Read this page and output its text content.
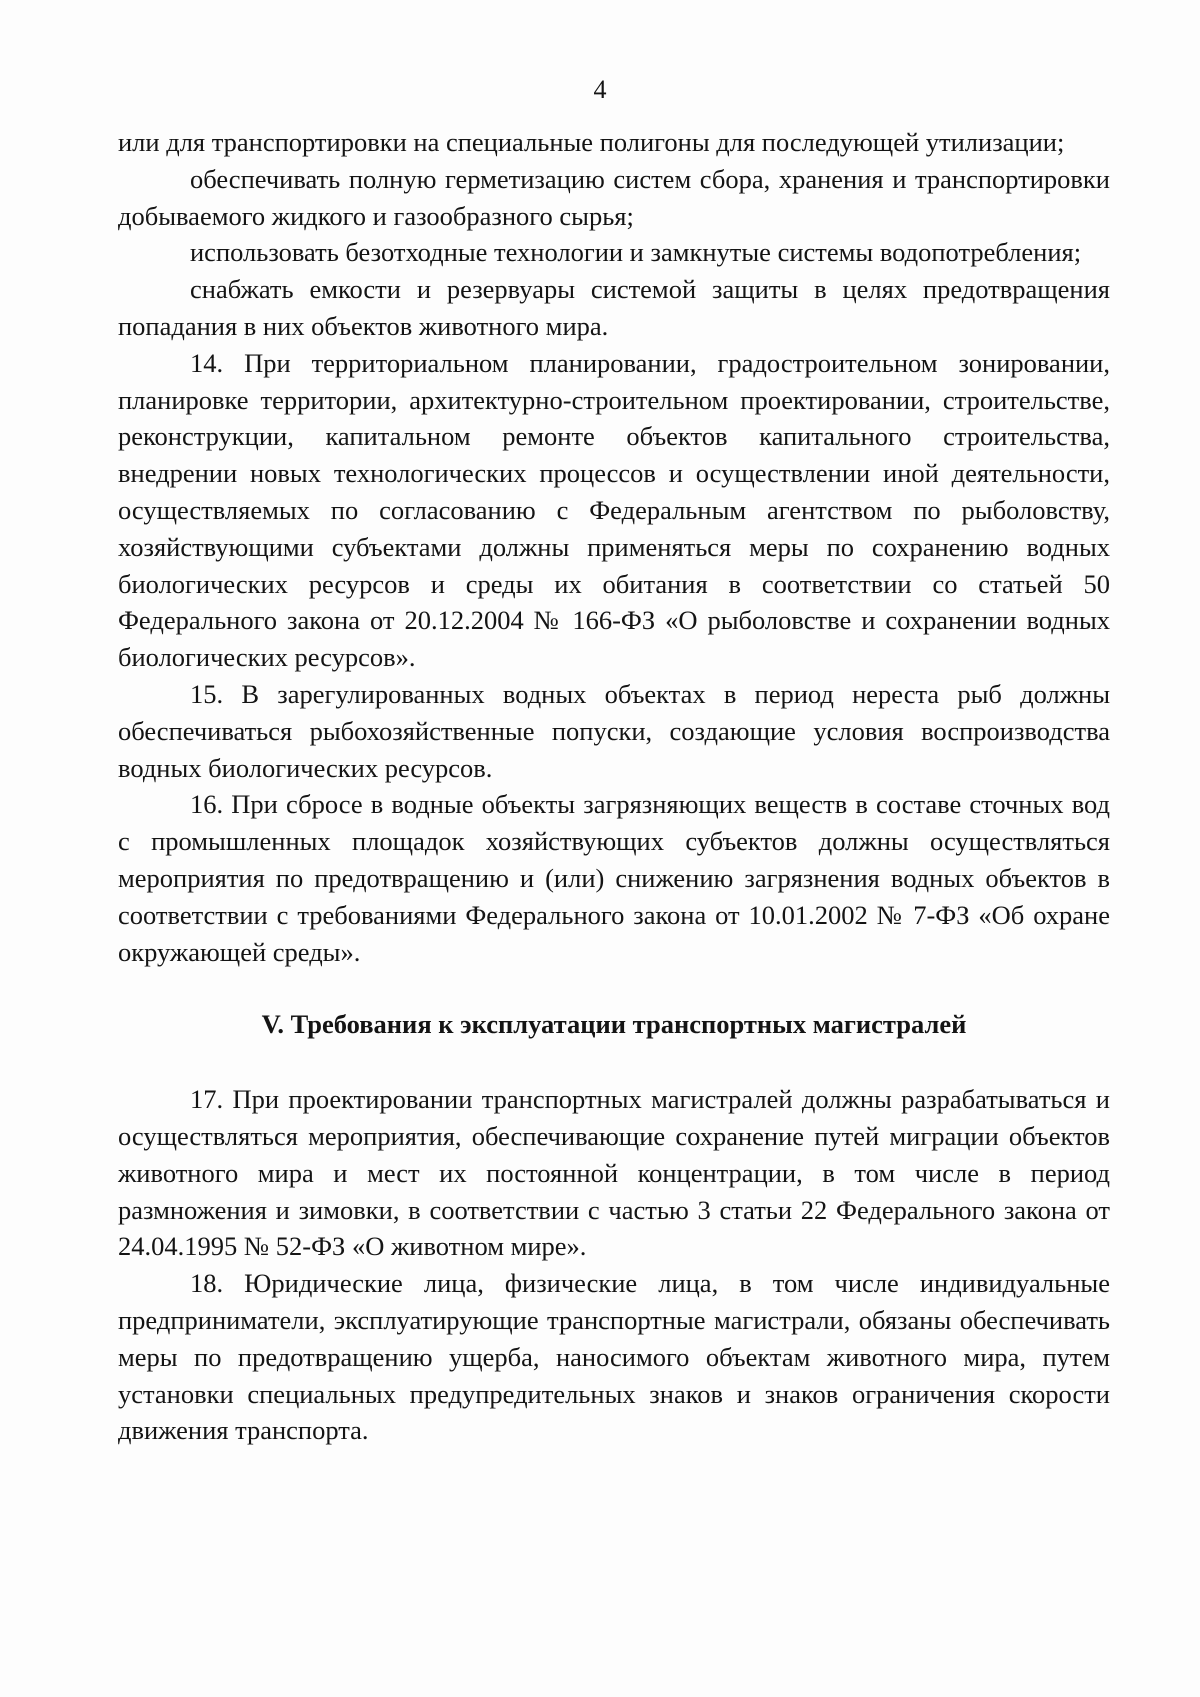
4

или для транспортировки на специальные полигоны для последующей утилизации;

обеспечивать полную герметизацию систем сбора, хранения и транспортировки добываемого жидкого и газообразного сырья;

использовать безотходные технологии и замкнутые системы водопотребления;

снабжать емкости и резервуары системой защиты в целях предотвращения попадания в них объектов животного мира.

14. При территориальном планировании, градостроительном зонировании, планировке территории, архитектурно-строительном проектировании, строительстве, реконструкции, капитальном ремонте объектов капитального строительства, внедрении новых технологических процессов и осуществлении иной деятельности, осуществляемых по согласованию с Федеральным агентством по рыболовству, хозяйствующими субъектами должны применяться меры по сохранению водных биологических ресурсов и среды их обитания в соответствии со статьей 50 Федерального закона от 20.12.2004 № 166-ФЗ «О рыболовстве и сохранении водных биологических ресурсов».

15. В зарегулированных водных объектах в период нереста рыб должны обеспечиваться рыбохозяйственные попуски, создающие условия воспроизводства водных биологических ресурсов.

16. При сбросе в водные объекты загрязняющих веществ в составе сточных вод с промышленных площадок хозяйствующих субъектов должны осуществляться мероприятия по предотвращению и (или) снижению загрязнения водных объектов в соответствии с требованиями Федерального закона от 10.01.2002 № 7-ФЗ «Об охране окружающей среды».

V. Требования к эксплуатации транспортных магистралей

17. При проектировании транспортных магистралей должны разрабатываться и осуществляться мероприятия, обеспечивающие сохранение путей миграции объектов животного мира и мест их постоянной концентрации, в том числе в период размножения и зимовки, в соответствии с частью 3 статьи 22 Федерального закона от 24.04.1995 № 52-ФЗ «О животном мире».

18. Юридические лица, физические лица, в том числе индивидуальные предприниматели, эксплуатирующие транспортные магистрали, обязаны обеспечивать меры по предотвращению ущерба, наносимого объектам животного мира, путем установки специальных предупредительных знаков и знаков ограничения скорости движения транспорта.
